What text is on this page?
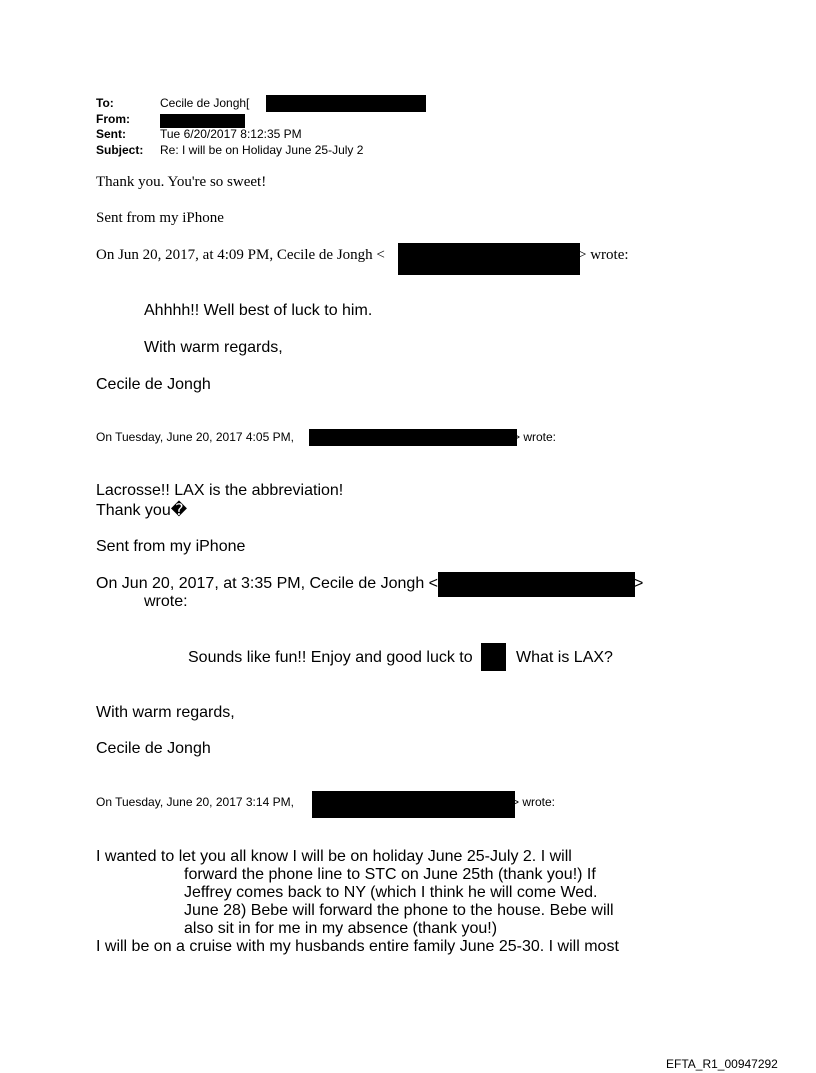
To:	Cecile de Jongh[
From:
Sent:	Tue 6/20/2017 8:12:35 PM
Subject: Re: I will be on Holiday June 25-July 2
Thank you. You're so sweet!
Sent from my iPhone
On Jun 20, 2017, at 4:09 PM, Cecile de Jongh <	> wrote:
Ahhhh!! Well best of luck to him.
With warm regards,
Cecile de Jongh
On Tuesday, June 20, 2017 4:05 PM,	> wrote:
Lacrosse!! LAX is the abbreviation!
Thank you�
Sent from my iPhone
On Jun 20, 2017, at 3:35 PM, Cecile de Jongh <	>
wrote:
Sounds like fun!! Enjoy and good luck to	What is LAX?
With warm regards,
Cecile de Jongh
On Tuesday, June 20, 2017 3:14 PM,	> wrote:
I wanted to let you all know I will be on holiday June 25-July 2. I will
forward the phone line to STC on June 25th (thank you!) If
Jeffrey comes back to NY (which I think he will come Wed.
June 28) Bebe will forward the phone to the house. Bebe will
also sit in for me in my absence (thank you!)
I will be on a cruise with my husbands entire family June 25-30. I will most
EFTA_R1_00947292
